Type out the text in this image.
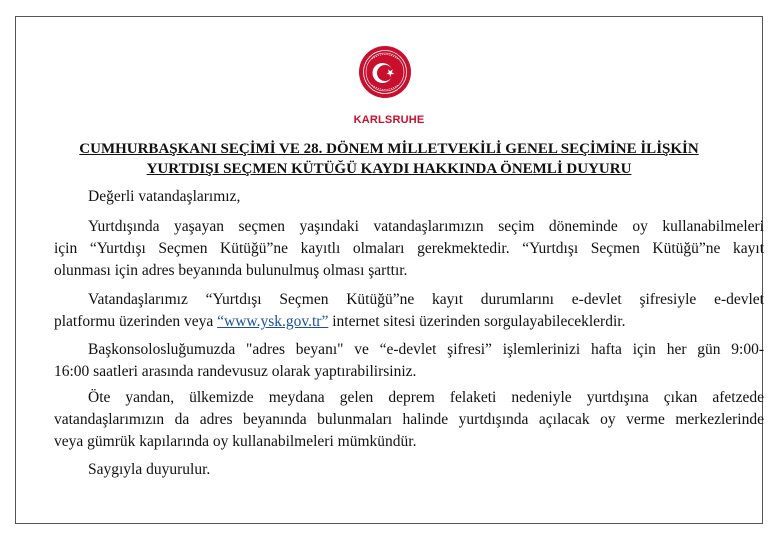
KARLSRUHE
CUMHURBAŞKANI SEÇİMİ VE 28. DÖNEM MİLLETVEKİLİ GENEL SEÇİMİNE İLİŞKİN
YURTDIŞI SEÇMEN KÜTÜĞÜ KAYDI HAKKINDA ÖNEMLİ DUYURU
Değerli vatandaşlarımız,
Yurtdışında yaşayan seçmen yaşındaki vatandaşlarımızın seçim döneminde oy kullanabilmeleri
için “Yurtdışı Seçmen Kütüğü”ne kayıtlı olmaları gerekmektedir. “Yurtdışı Seçmen Kütüğü”ne kayıt
olunması için adres beyanında bulunulmuş olması şarttır.
Vatandaşlarımız “Yurtdışı Seçmen Kütüğü”ne kayıt durumlarını e-devlet şifresiyle e-devlet
platformu üzerinden veya “www.ysk.gov.tr” internet sitesi üzerinden sorgulayabileceklerdir.
Başkonsolosluğumuzda "adres beyanı" ve “e-devlet şifresi” işlemlerinizi hafta için her gün 9:00-
16:00 saatleri arasında randevusuz olarak yaptırabilirsiniz.
Öte yandan, ülkemizde meydana gelen deprem felaketi nedeniyle yurtdışına çıkan afetzede
vatandaşlarımızın da adres beyanında bulunmaları halinde yurtdışında açılacak oy verme merkezlerinde
veya gümrük kapılarında oy kullanabilmeleri mümkündür.
Saygıyla duyurulur.
